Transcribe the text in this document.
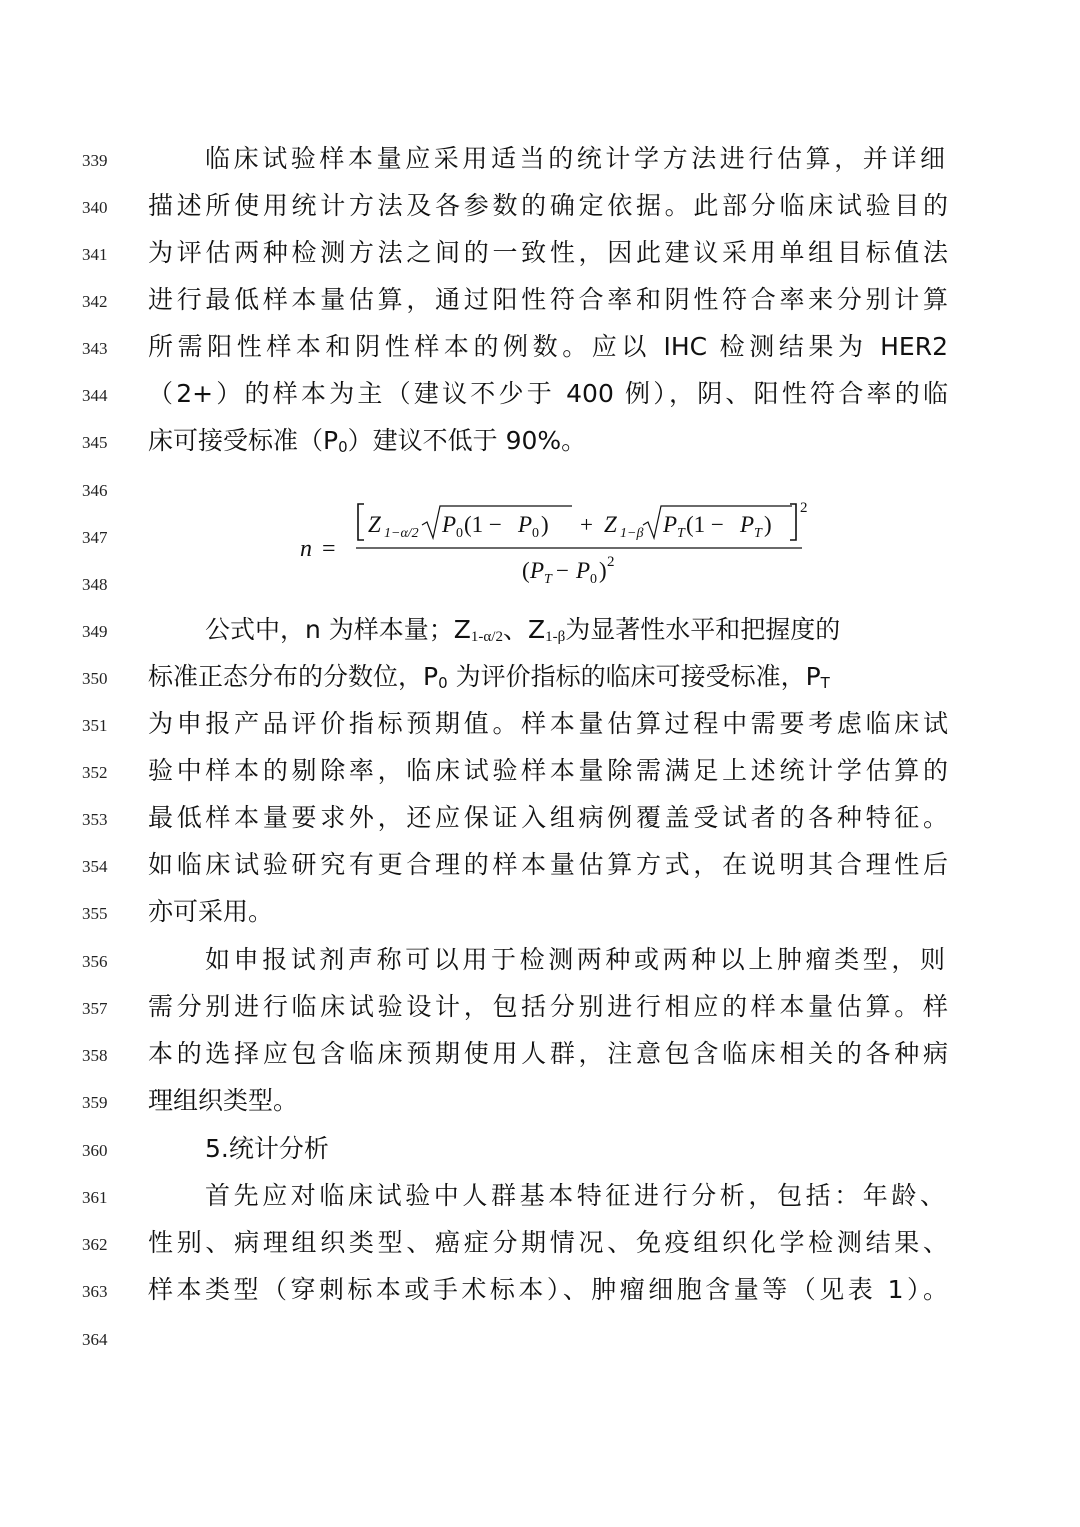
339
340
341
342
343
344
345
346
347
348
349
350
351
352
353
354
355
356
357
358
359
360
361
362
363
364
临床试验样本量应采用适当的统计学方法进行估算，并详细
描述所使用统计方法及各参数的确定依据。此部分临床试验目的
为评估两种检测方法之间的一致性，因此建议采用单组目标值法
进行最低样本量估算，通过阳性符合率和阴性符合率来分别计算
所需阳性样本和阴性样本的例数。应以 IHC 检测结果为 HER2
（2+）的样本为主（建议不少于 400 例），阴、阳性符合率的临
床可接受标准$(P_0)$建议不低于 90%。
n =
Z 1−α/2 P 0 (1 − P 0 ) + Z 1−β P T (1 − P T )
2
( P T − P 0 ) 2
公式中，n 为样本量；$Z_{1-\alpha/2}$、$Z_{1-\beta}$为显著性水平和把握度的
标准正态分布的分数位，$P_0$ 为评价指标的临床可接受标准，$P_T$
为申报产品评价指标预期值。样本量估算过程中需要考虑临床试
验中样本的剔除率，临床试验样本量除需满足上述统计学估算的
最低样本量要求外，还应保证入组病例覆盖受试者的各种特征。
如临床试验研究有更合理的样本量估算方式，在说明其合理性后
亦可采用。
如申报试剂声称可以用于检测两种或两种以上肿瘤类型，则
需分别进行临床试验设计，包括分别进行相应的样本量估算。样
本的选择应包含临床预期使用人群，注意包含临床相关的各种病
理组织类型。
5.统计分析
首先应对临床试验中人群基本特征进行分析，包括：年龄、
性别、病理组织类型、癌症分期情况、免疫组织化学检测结果、
样本类型（穿刺标本或手术标本）、肿瘤细胞含量等（见表 1）。
